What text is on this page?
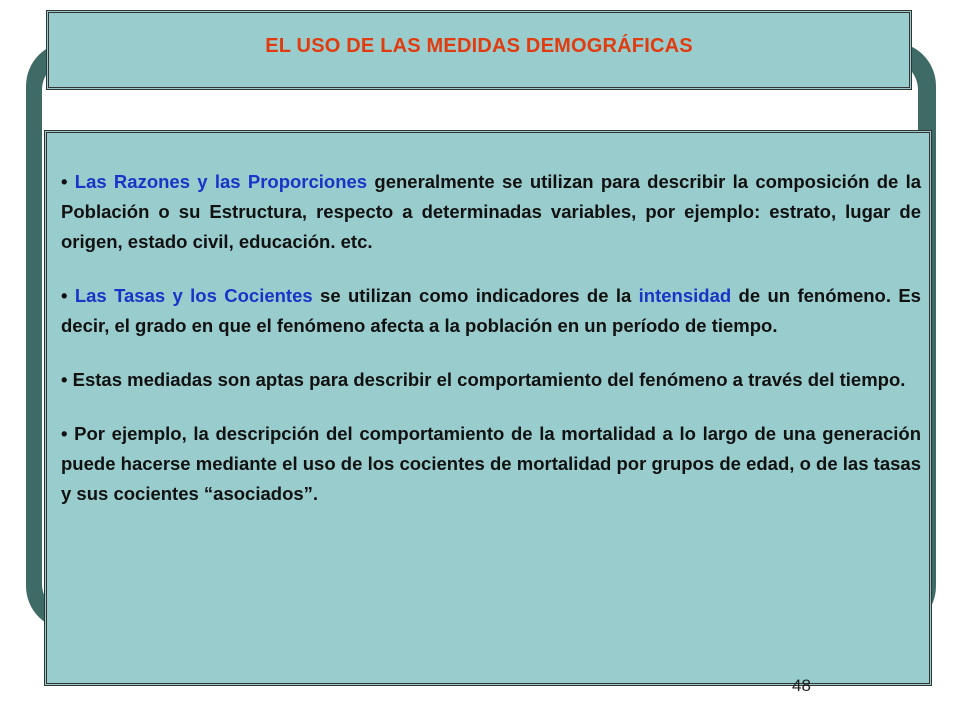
EL USO DE LAS MEDIDAS DEMOGRÁFICAS

• Las Razones y las Proporciones generalmente se utilizan para describir la composición de la Población o su Estructura, respecto a determinadas variables, por ejemplo: estrato, lugar de origen, estado civil, educación. etc.

• Las Tasas y los Cocientes se utilizan como indicadores de la intensidad de un fenómeno. Es decir, el grado en que el fenómeno afecta a la población en un período de tiempo.

• Estas mediadas son aptas para describir el comportamiento del fenómeno a través del tiempo.

• Por ejemplo, la descripción del comportamiento de la mortalidad a lo largo de una generación puede hacerse mediante el uso de los cocientes de mortalidad por grupos de edad, o de las tasas y sus cocientes “asociados”.

48
